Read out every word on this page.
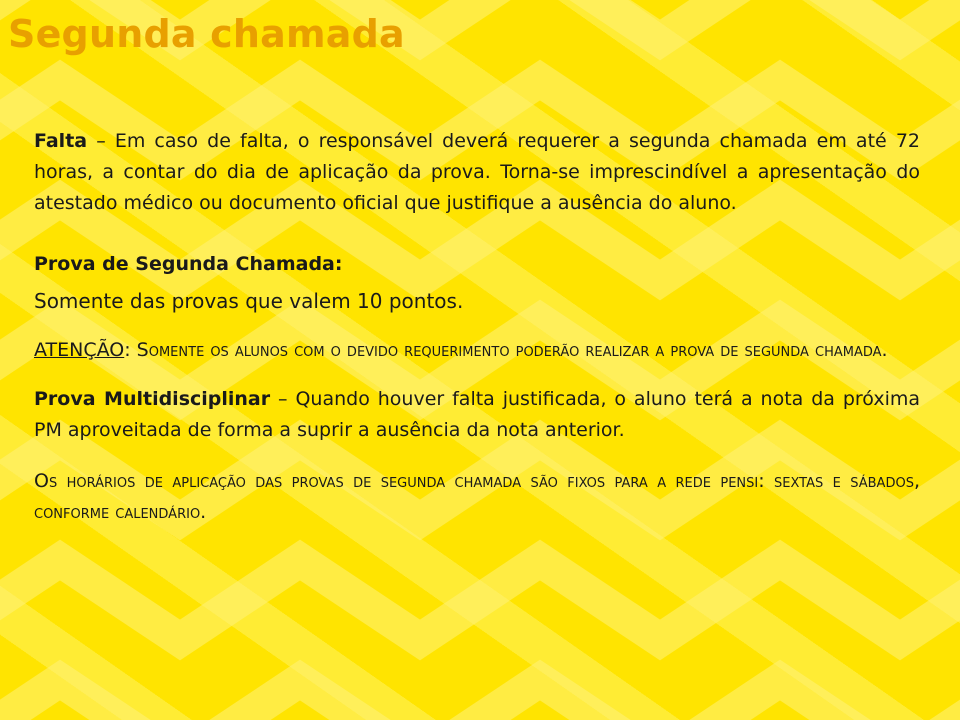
Segunda chamada

Falta – Em caso de falta, o responsável deverá requerer a segunda chamada em até 72 horas, a contar do dia de aplicação da prova. Torna-se imprescindível a apresentação do atestado médico ou documento oficial que justifique a ausência do aluno.

Prova de Segunda Chamada:

Somente das provas que valem 10 pontos.

ATENÇÃO: Somente os alunos com o devido requerimento poderão realizar a prova de segunda chamada.

Prova Multidisciplinar – Quando houver falta justificada, o aluno terá a nota da próxima PM aproveitada de forma a suprir a ausência da nota anterior.

Os horários de aplicação das provas de segunda chamada são fixos para a rede pensi: sextas e sábados, conforme calendário.
